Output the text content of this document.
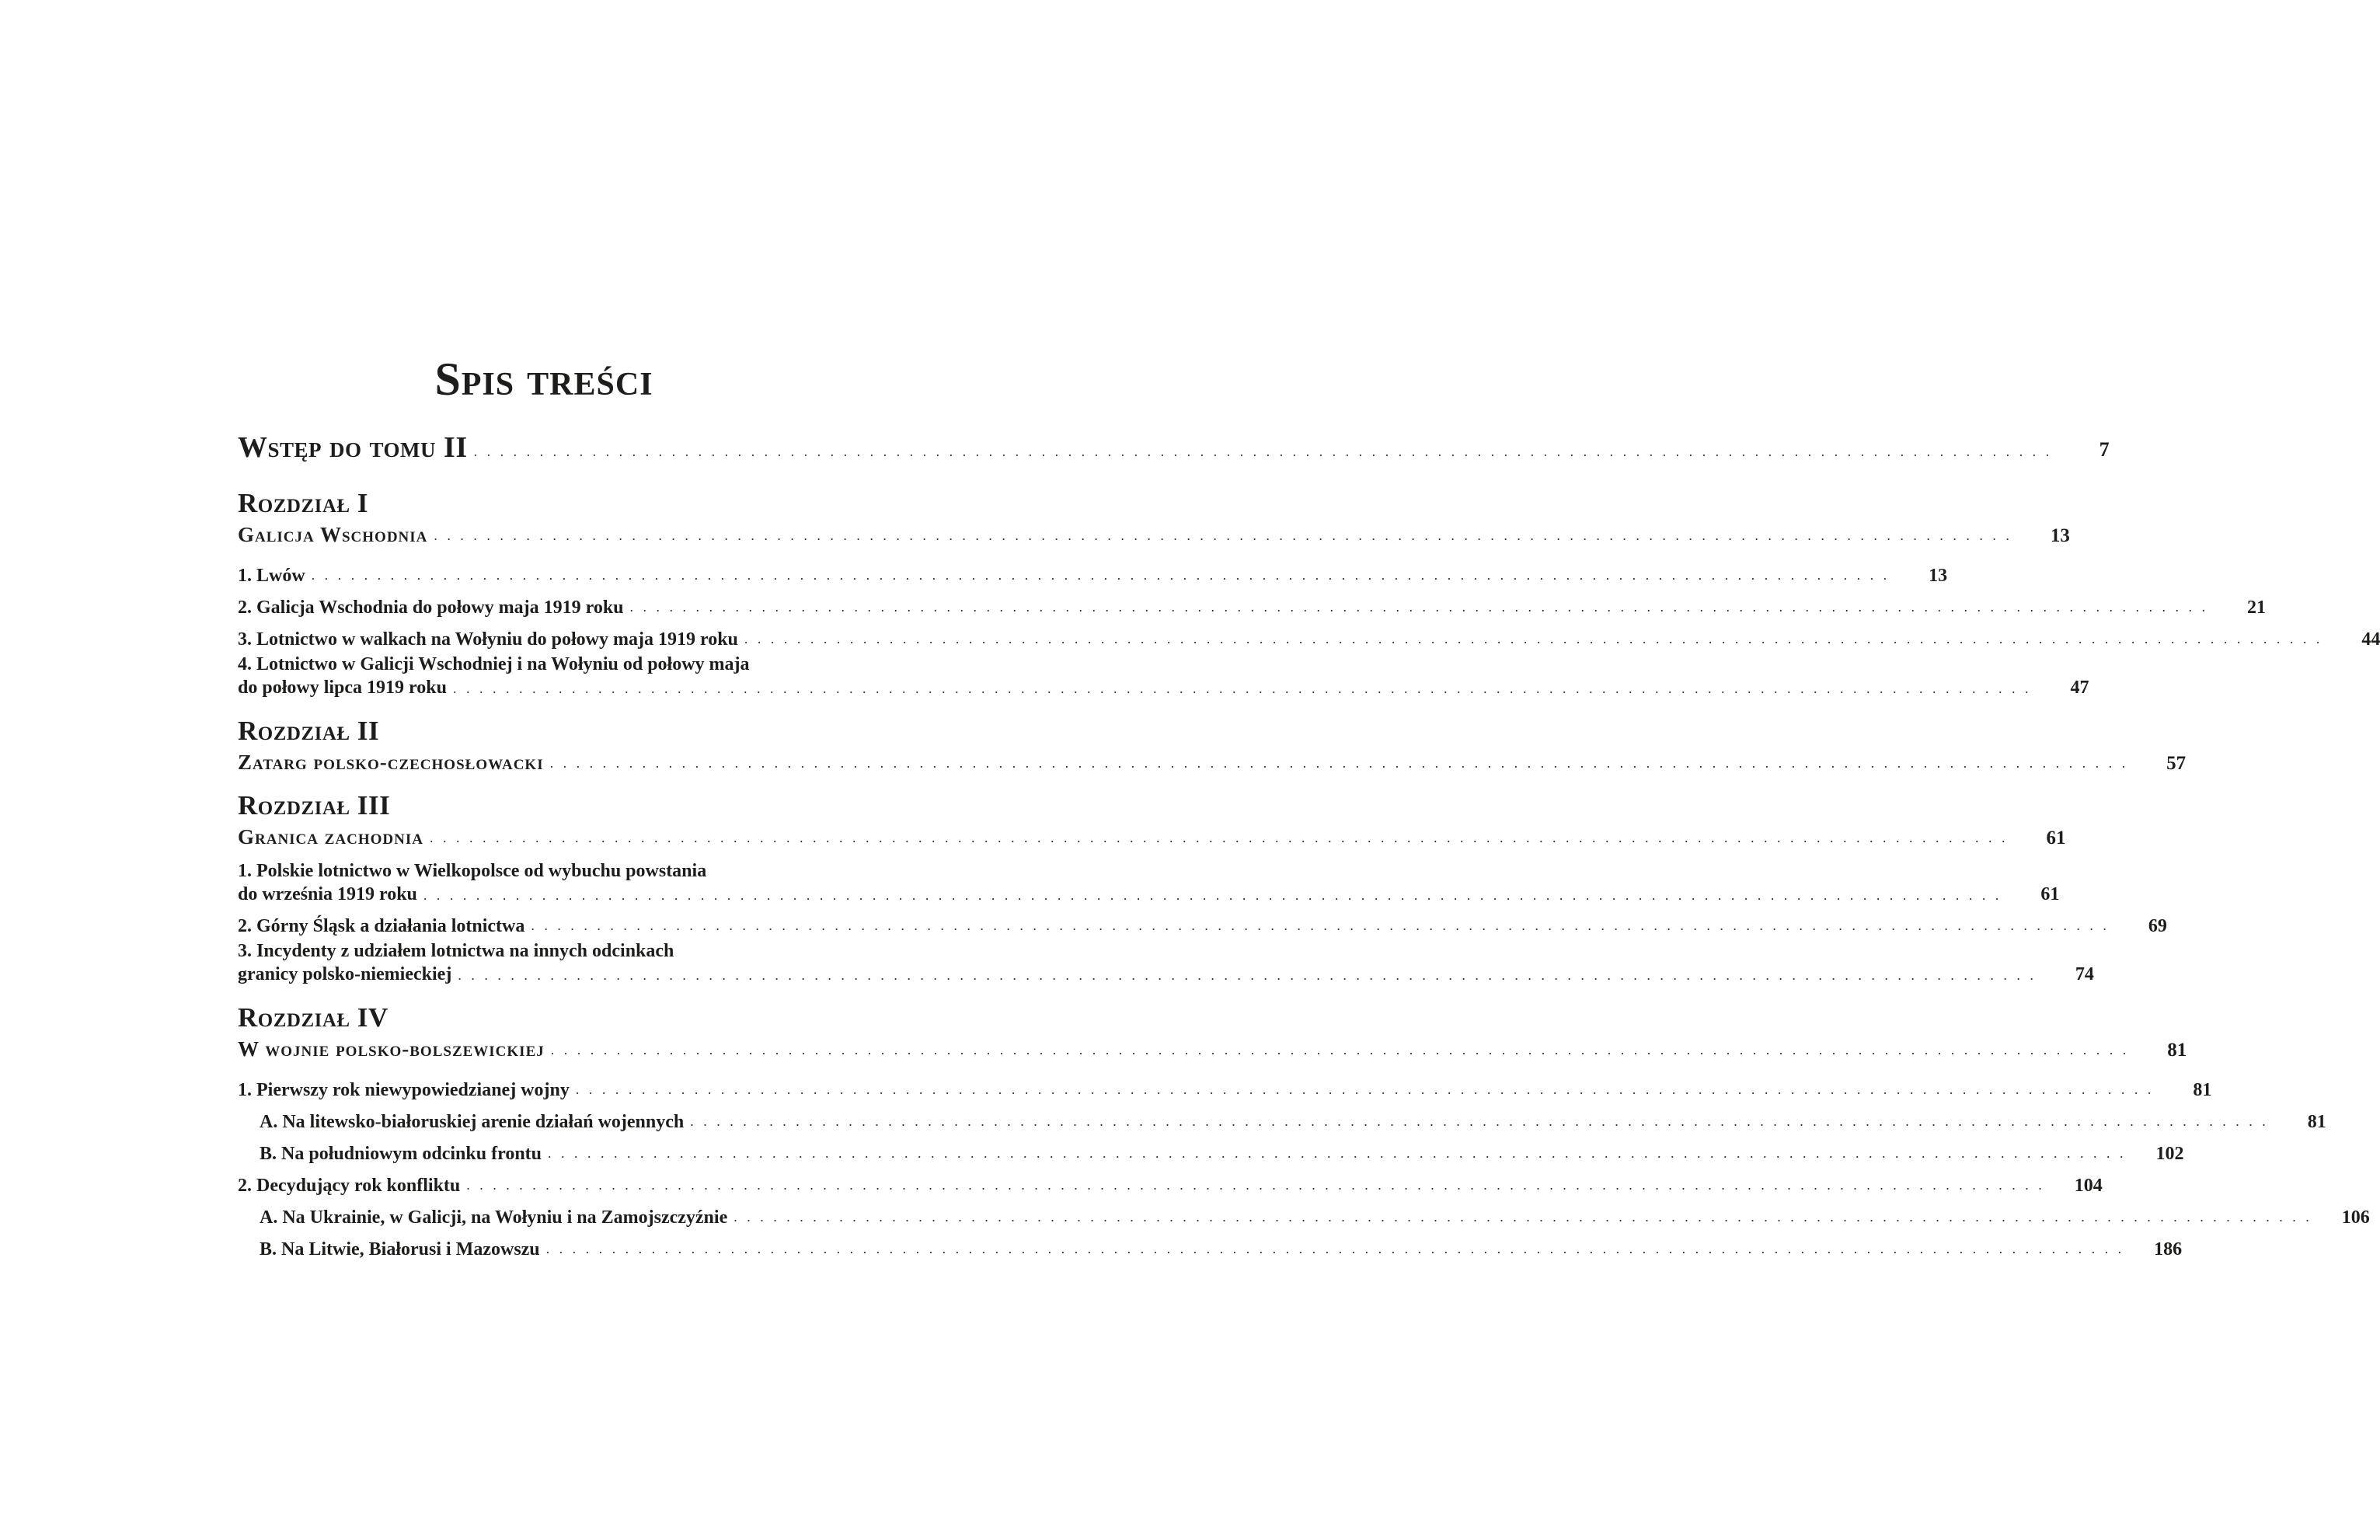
Spis treści
Wstęp do tomu II . . . . . . . . . . . . . . . . . . . . . . . . . . . . . . . . . . . . . . . . . . . . . . . . . . . . . . . . . . . . . . . . . . . . . . . . . . . . . . . . . . . . . . . . . . . . . . . . . . . . . . . . . . . . . . . . . . . . . . . .	7
Rozdział I
Galicja Wschodnia . . . . . . . . . . . . . . . . . . . . . . . . . . . . . . . . . . . . . . . . . . . . . . . . . . . . . . . . . . . . . . . . . . . . . . . . . . . . . . . . . . . . . . . . . . . . . . . . . . . . . . . . . . . . . . . . . . . . . . . .	13
1. Lwów . . . . . . . . . . . . . . . . . . . . . . . . . . . . . . . . . . . . . . . . . . . . . . . . . . . . . . . . . . . . . . . . . . . . . . . . . . . . . . . . . . . . . . . . . . . . . . . . . . . . . . . . . . . . . . . . . . . . . . . .	13
2. Galicja Wschodnia do połowy maja 1919 roku . . . . . . . . . . . . . . . . . . . . . . . . . . . . . . . . . . . . . . . . . . . . . . . . . . . . . . . . . . . . . . . . . . . . . . . . . . . . . . . . . . . . . . . . . . . . . . . . . . . . . . . . . . . . . . . . . . . . . . . .	21
3. Lotnictwo w walkach na Wołyniu do połowy maja 1919 roku . . . . . . . . . . . . . . . . . . . . . . . . . . . . . . . . . . . . . . . . . . . . . . . . . . . . . . . . . . . . . . . . . . . . . . . . . . . . . . . . . . . . . . . . . . . . . . . . . . . . . . . . . . . . . . . . . . . . . . . .	44
4. Lotnictwo w Galicji Wschodniej i na Wołyniu od połowy maja
do połowy lipca 1919 roku . . . . . . . . . . . . . . . . . . . . . . . . . . . . . . . . . . . . . . . . . . . . . . . . . . . . . . . . . . . . . . . . . . . . . . . . . . . . . . . . . . . . . . . . . . . . . . . . . . . . . . . . . . . . . . . . . . . . . . . .	47
Rozdział II
Zatarg polsko-czechosłowacki . . . . . . . . . . . . . . . . . . . . . . . . . . . . . . . . . . . . . . . . . . . . . . . . . . . . . . . . . . . . . . . . . . . . . . . . . . . . . . . . . . . . . . . . . . . . . . . . . . . . . . . . . . . . . . . . . . . . . . . .	57
Rozdział III
Granica zachodnia . . . . . . . . . . . . . . . . . . . . . . . . . . . . . . . . . . . . . . . . . . . . . . . . . . . . . . . . . . . . . . . . . . . . . . . . . . . . . . . . . . . . . . . . . . . . . . . . . . . . . . . . . . . . . . . . . . . . . . . .	61
1. Polskie lotnictwo w Wielkopolsce od wybuchu powstania
do września 1919 roku . . . . . . . . . . . . . . . . . . . . . . . . . . . . . . . . . . . . . . . . . . . . . . . . . . . . . . . . . . . . . . . . . . . . . . . . . . . . . . . . . . . . . . . . . . . . . . . . . . . . . . . . . . . . . . . . . . . . . . . .	61
2. Górny Śląsk a działania lotnictwa . . . . . . . . . . . . . . . . . . . . . . . . . . . . . . . . . . . . . . . . . . . . . . . . . . . . . . . . . . . . . . . . . . . . . . . . . . . . . . . . . . . . . . . . . . . . . . . . . . . . . . . . . . . . . . . . . . . . . . . .	69
3. Incydenty z udziałem lotnictwa na innych odcinkach
granicy polsko-niemieckiej . . . . . . . . . . . . . . . . . . . . . . . . . . . . . . . . . . . . . . . . . . . . . . . . . . . . . . . . . . . . . . . . . . . . . . . . . . . . . . . . . . . . . . . . . . . . . . . . . . . . . . . . . . . . . . . . . . . . . . . .	74
Rozdział IV
W wojnie polsko-bolszewickiej . . . . . . . . . . . . . . . . . . . . . . . . . . . . . . . . . . . . . . . . . . . . . . . . . . . . . . . . . . . . . . . . . . . . . . . . . . . . . . . . . . . . . . . . . . . . . . . . . . . . . . . . . . . . . . . . . . . . . . . .	81
1. Pierwszy rok niewypowiedzianej wojny . . . . . . . . . . . . . . . . . . . . . . . . . . . . . . . . . . . . . . . . . . . . . . . . . . . . . . . . . . . . . . . . . . . . . . . . . . . . . . . . . . . . . . . . . . . . . . . . . . . . . . . . . . . . . . . . . . . . . . . .	81
A. Na litewsko-białoruskiej arenie działań wojennych . . . . . . . . . . . . . . . . . . . . . . . . . . . . . . . . . . . . . . . . . . . . . . . . . . . . . . . . . . . . . . . . . . . . . . . . . . . . . . . . . . . . . . . . . . . . . . . . . . . . . . . . . . . . . . . . . . . . . . . .	81
B. Na południowym odcinku frontu . . . . . . . . . . . . . . . . . . . . . . . . . . . . . . . . . . . . . . . . . . . . . . . . . . . . . . . . . . . . . . . . . . . . . . . . . . . . . . . . . . . . . . . . . . . . . . . . . . . . . . . . . . . . . . . . . . . . . . . . 102
2. Decydujący rok konfliktu . . . . . . . . . . . . . . . . . . . . . . . . . . . . . . . . . . . . . . . . . . . . . . . . . . . . . . . . . . . . . . . . . . . . . . . . . . . . . . . . . . . . . . . . . . . . . . . . . . . . . . . . . . . . . . . . . . . . . . . . 104
A. Na Ukrainie, w Galicji, na Wołyniu i na Zamojszczyźnie . . . . . . . . . . . . . . . . . . . . . . . . . . . . . . . . . . . . . . . . . . . . . . . . . . . . . . . . . . . . . . . . . . . . . . . . . . . . . . . . . . . . . . . . . . . . . . . . . . . . . . . . . . . . . . . . . . . . . . . . 106
B. Na Litwie, Białorusi i Mazowszu . . . . . . . . . . . . . . . . . . . . . . . . . . . . . . . . . . . . . . . . . . . . . . . . . . . . . . . . . . . . . . . . . . . . . . . . . . . . . . . . . . . . . . . . . . . . . . . . . . . . . . . . . . . . . . . . . . . . . . . . 186
